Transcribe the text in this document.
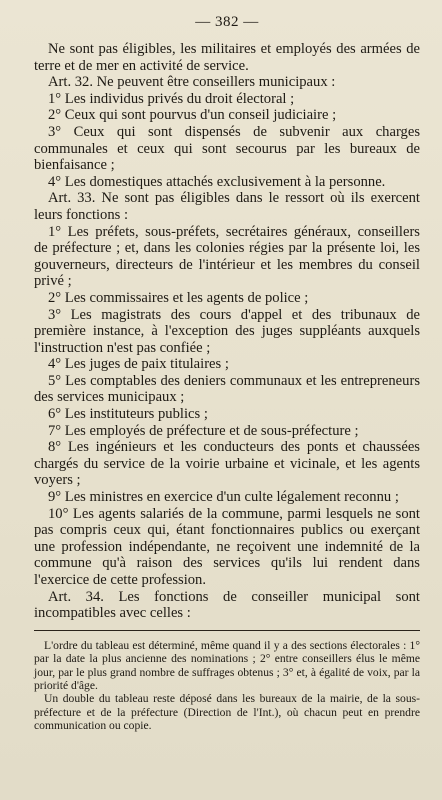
— 382 —

Ne sont pas éligibles, les militaires et employés des armées de terre et de mer en activité de service.

Art. 32. Ne peuvent être conseillers municipaux :

1° Les individus privés du droit électoral ;

2° Ceux qui sont pourvus d'un conseil judiciaire ;

3° Ceux qui sont dispensés de subvenir aux charges communales et ceux qui sont secourus par les bureaux de bienfaisance ;

4° Les domestiques attachés exclusivement à la personne.

Art. 33. Ne sont pas éligibles dans le ressort où ils exercent leurs fonctions :

1° Les préfets, sous-préfets, secrétaires généraux, conseillers de préfecture ; et, dans les colonies régies par la présente loi, les gouverneurs, directeurs de l'intérieur et les membres du conseil privé ;

2° Les commissaires et les agents de police ;

3° Les magistrats des cours d'appel et des tribunaux de première instance, à l'exception des juges suppléants auxquels l'instruction n'est pas confiée ;

4° Les juges de paix titulaires ;

5° Les comptables des deniers communaux et les entrepreneurs des services municipaux ;

6° Les instituteurs publics ;

7° Les employés de préfecture et de sous-préfecture ;

8° Les ingénieurs et les conducteurs des ponts et chaussées chargés du service de la voirie urbaine et vicinale, et les agents voyers ;

9° Les ministres en exercice d'un culte légalement reconnu ;

10° Les agents salariés de la commune, parmi lesquels ne sont pas compris ceux qui, étant fonctionnaires publics ou exerçant une profession indépendante, ne reçoivent une indemnité de la commune qu'à raison des services qu'ils lui rendent dans l'exercice de cette profession.

Art. 34. Les fonctions de conseiller municipal sont incompatibles avec celles :

L'ordre du tableau est déterminé, même quand il y a des sections électorales : 1° par la date la plus ancienne des nominations ; 2° entre conseillers élus le même jour, par le plus grand nombre de suffrages obtenus ; 3° et, à égalité de voix, par la priorité d'âge.

Un double du tableau reste déposé dans les bureaux de la mairie, de la sous-préfecture et de la préfecture (Direction de l'Int.), où chacun peut en prendre communication ou copie.
